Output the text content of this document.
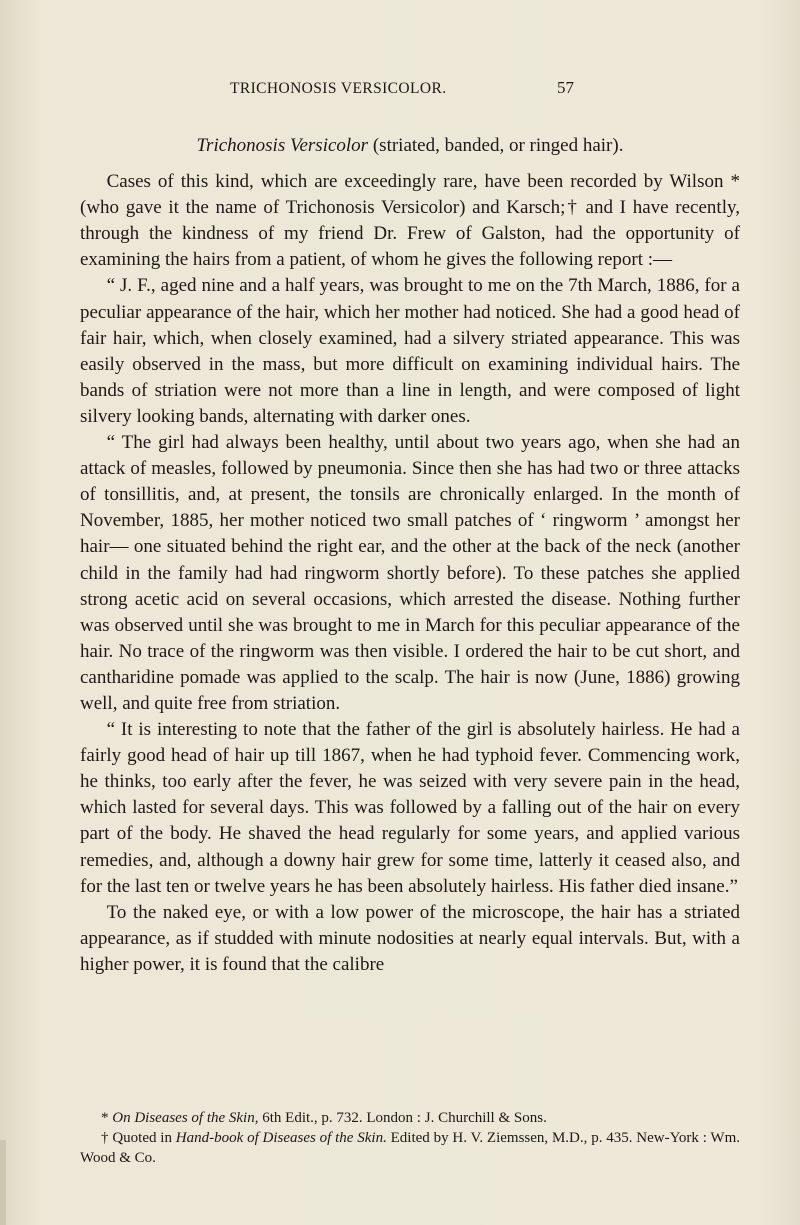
TRICHONOSIS VERSICOLOR.	57
Trichonosis Versicolor (striated, banded, or ringed hair).

Cases of this kind, which are exceedingly rare, have been recorded by Wilson * (who gave it the name of Trichonosis Versicolor) and Karsch;† and I have recently, through the kindness of my friend Dr. Frew of Galston, had the opportunity of examining the hairs from a patient, of whom he gives the following report :—

“ J. F., aged nine and a half years, was brought to me on the 7th March, 1886, for a peculiar appearance of the hair, which her mother had noticed. She had a good head of fair hair, which, when closely examined, had a silvery striated appearance. This was easily observed in the mass, but more difficult on examining individual hairs. The bands of striation were not more than a line in length, and were composed of light silvery looking bands, alternating with darker ones.

“ The girl had always been healthy, until about two years ago, when she had an attack of measles, followed by pneumonia. Since then she has had two or three attacks of tonsillitis, and, at present, the tonsils are chronically enlarged. In the month of November, 1885, her mother noticed two small patches of ‘ ringworm ’ amongst her hair— one situated behind the right ear, and the other at the back of the neck (another child in the family had had ringworm shortly before). To these patches she applied strong acetic acid on several occasions, which arrested the disease. Nothing further was observed until she was brought to me in March for this peculiar appearance of the hair. No trace of the ringworm was then visible. I ordered the hair to be cut short, and cantharidine pomade was applied to the scalp. The hair is now (June, 1886) growing well, and quite free from striation.

“ It is interesting to note that the father of the girl is absolutely hairless. He had a fairly good head of hair up till 1867, when he had typhoid fever. Commencing work, he thinks, too early after the fever, he was seized with very severe pain in the head, which lasted for several days. This was followed by a falling out of the hair on every part of the body. He shaved the head regularly for some years, and applied various remedies, and, although a downy hair grew for some time, latterly it ceased also, and for the last ten or twelve years he has been absolutely hairless. His father died insane.”

To the naked eye, or with a low power of the microscope, the hair has a striated appearance, as if studded with minute nodosities at nearly equal intervals. But, with a higher power, it is found that the calibre

* On Diseases of the Skin, 6th Edit., p. 732. London : J. Churchill & Sons.

† Quoted in Hand-book of Diseases of the Skin. Edited by H. V. Ziemssen, M.D., p. 435. New-York : Wm. Wood & Co.
